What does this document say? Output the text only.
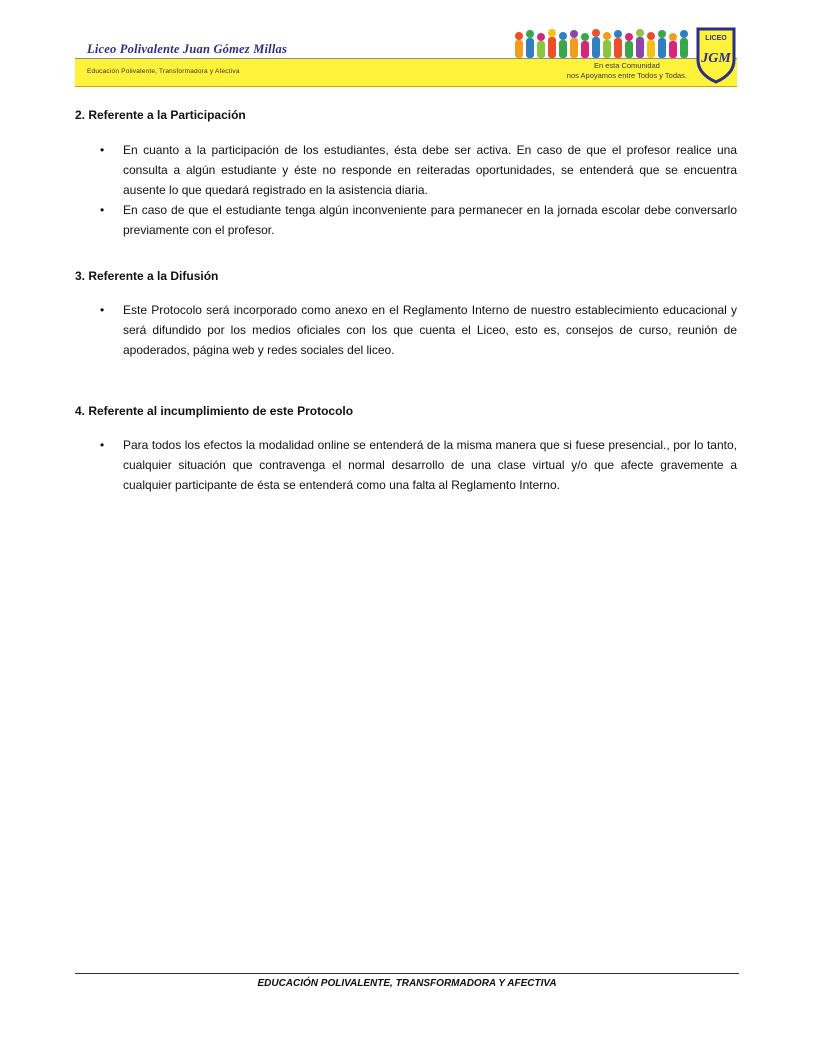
Liceo Polivalente Juan Gómez Millas
Educación Polivalente, Transformadora y Afectiva
En esta Comunidad
nos Apoyamos entre Todos y Todas.
LICEO
JGM
2. Referente a la Participación
• En cuanto a la participación de los estudiantes, ésta debe ser activa. En caso de que el profesor realice una consulta a algún estudiante y éste no responde en reiteradas oportunidades, se entenderá que se encuentra ausente lo que quedará registrado en la asistencia diaria.
• En caso de que el estudiante tenga algún inconveniente para permanecer en la jornada escolar debe conversarlo previamente con el profesor.
3. Referente a la Difusión
• Este Protocolo será incorporado como anexo en el Reglamento Interno de nuestro establecimiento educacional y será difundido por los medios oficiales con los que cuenta el Liceo, esto es, consejos de curso, reunión de apoderados, página web y redes sociales del liceo.
4. Referente al incumplimiento de este Protocolo
• Para todos los efectos la modalidad online se entenderá de la misma manera que si fuese presencial., por lo tanto, cualquier situación que contravenga el normal desarrollo de una clase virtual y/o que afecte gravemente a cualquier participante de ésta se entenderá como una falta al Reglamento Interno.
EDUCACIÓN POLIVALENTE, TRANSFORMADORA Y AFECTIVA
